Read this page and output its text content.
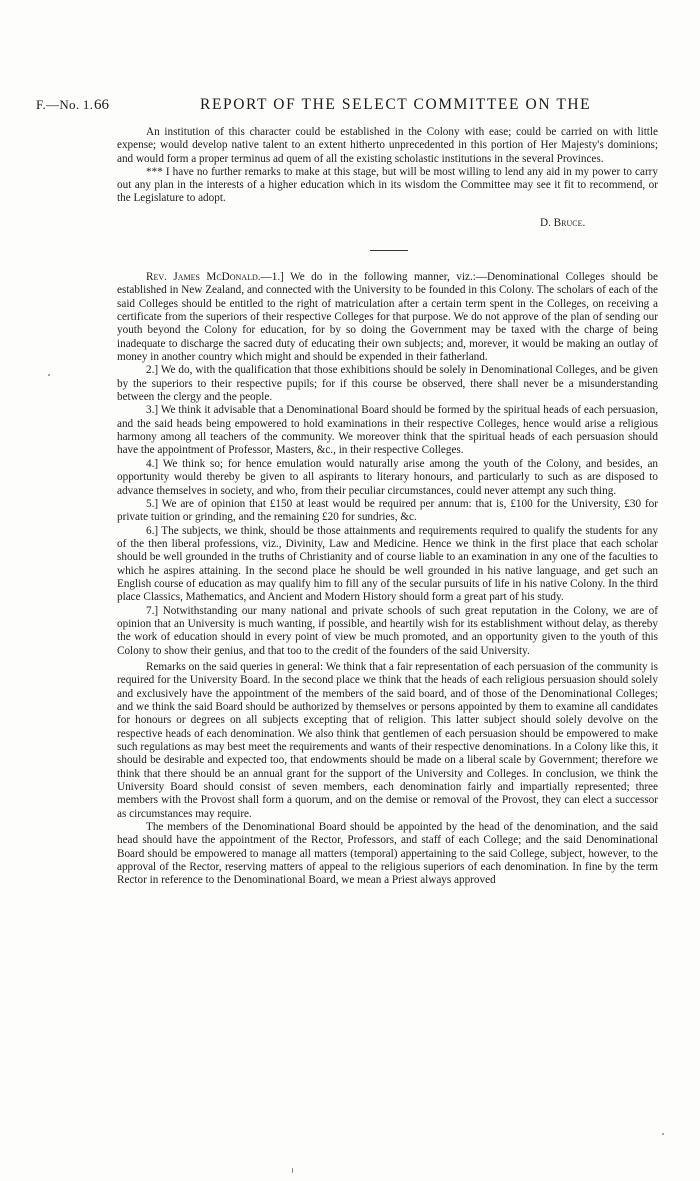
F.—No. 1. 66	REPORT OF THE SELECT COMMITTEE ON THE

An institution of this character could be established in the Colony with ease; could be carried on with little expense; would develop native talent to an extent hitherto unprecedented in this portion of Her Majesty's dominions; and would form a proper terminus ad quem of all the existing scholastic institutions in the several Provinces.

*** I have no further remarks to make at this stage, but will be most willing to lend any aid in my power to carry out any plan in the interests of a higher education which in its wisdom the Committee may see it fit to recommend, or the Legislature to adopt.

D. Bruce.

Rev. James McDonald.—1.] We do in the following manner, viz.:—Denominational Colleges should be established in New Zealand, and connected with the University to be founded in this Colony. The scholars of each of the said Colleges should be entitled to the right of matriculation after a certain term spent in the Colleges, on receiving a certificate from the superiors of their respective Colleges for that purpose. We do not approve of the plan of sending our youth beyond the Colony for education, for by so doing the Government may be taxed with the charge of being inadequate to discharge the sacred duty of educating their own subjects; and, morever, it would be making an outlay of money in another country which might and should be expended in their fatherland.

2.] We do, with the qualification that those exhibitions should be solely in Denominational Colleges, and be given by the superiors to their respective pupils; for if this course be observed, there shall never be a misunderstanding between the clergy and the people.

3.] We think it advisable that a Denominational Board should be formed by the spiritual heads of each persuasion, and the said heads being empowered to hold examinations in their respective Colleges, hence would arise a religious harmony among all teachers of the community. We moreover think that the spiritual heads of each persuasion should have the appointment of Professor, Masters, &c., in their respective Colleges.

4.] We think so; for hence emulation would naturally arise among the youth of the Colony, and besides, an opportunity would thereby be given to all aspirants to literary honours, and particularly to such as are disposed to advance themselves in society, and who, from their peculiar circumstances, could never attempt any such thing.

5.] We are of opinion that £150 at least would be required per annum: that is, £100 for the University, £30 for private tuition or grinding, and the remaining £20 for sundries, &c.

6.] The subjects, we think, should be those attainments and requirements required to qualify the students for any of the then liberal professions, viz., Divinity, Law and Medicine. Hence we think in the first place that each scholar should be well grounded in the truths of Christianity and of course liable to an examination in any one of the faculties to which he aspires attaining. In the second place he should be well grounded in his native language, and get such an English course of education as may qualify him to fill any of the secular pursuits of life in his native Colony. In the third place Classics, Mathematics, and Ancient and Modern History should form a great part of his study.

7.] Notwithstanding our many national and private schools of such great reputation in the Colony, we are of opinion that an University is much wanting, if possible, and heartily wish for its establishment without delay, as thereby the work of education should in every point of view be much promoted, and an opportunity given to the youth of this Colony to show their genius, and that too to the credit of the founders of the said University.

Remarks on the said queries in general: We think that a fair representation of each persuasion of the community is required for the University Board. In the second place we think that the heads of each religious persuasion should solely and exclusively have the appointment of the members of the said board, and of those of the Denominational Colleges; and we think the said Board should be authorized by themselves or persons appointed by them to examine all candidates for honours or degrees on all subjects excepting that of religion. This latter subject should solely devolve on the respective heads of each denomination. We also think that gentlemen of each persuasion should be empowered to make such regulations as may best meet the requirements and wants of their respective denominations. In a Colony like this, it should be desirable and expected too, that endowments should be made on a liberal scale by Government; therefore we think that there should be an annual grant for the support of the University and Colleges. In conclusion, we think the University Board should consist of seven members, each denomination fairly and impartially represented; three members with the Provost shall form a quorum, and on the demise or removal of the Provost, they can elect a successor as circumstances may require.

The members of the Denominational Board should be appointed by the head of the denomination, and the said head should have the appointment of the Rector, Professors, and staff of each College; and the said Denominational Board should be empowered to manage all matters (temporal) appertaining to the said College, subject, however, to the approval of the Rector, reserving matters of appeal to the religious superiors of each denomination. In fine by the term Rector in reference to the Denominational Board, we mean a Priest always approved
